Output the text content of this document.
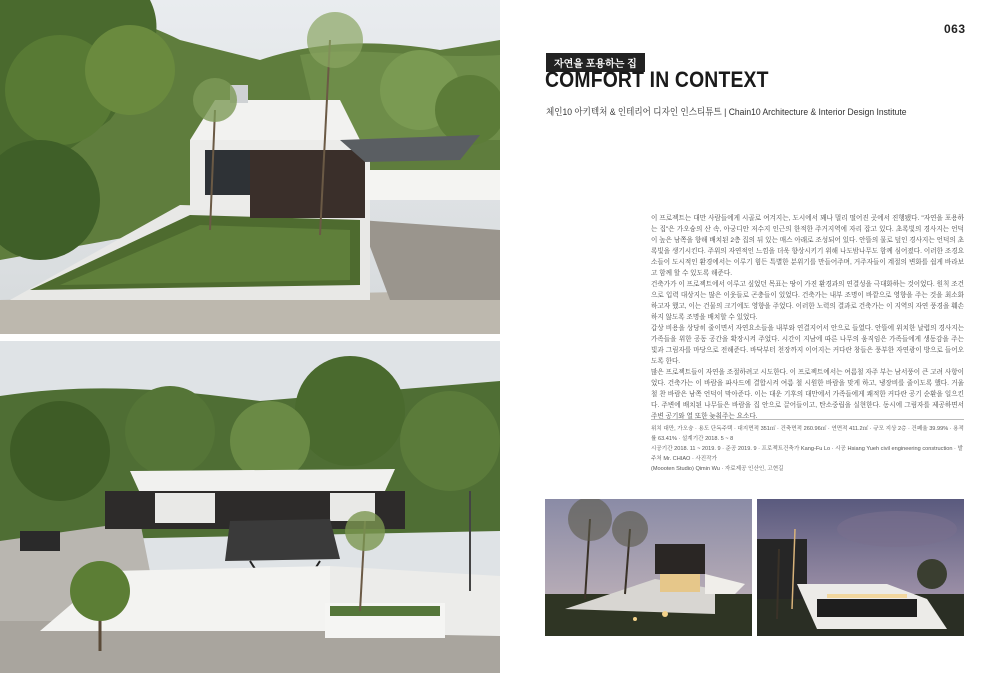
063
자연을 포용하는 집
COMFORT IN CONTEXT
체인10 아키텍처 & 인테리어 디자인 인스티튜트 | Chain10 Architecture & Interior Design Institute

이 프로젝트는 대만 사람들에게 시골로 여겨지는, 도시에서 꽤나 멀리 떨어진 곳에서 진행됐다. "자연을 포용하는 집"은 가오슝의 산 속, 아궁디안 저수지 인근의 한적한 주거지역에 자리 잡고 있다. 초록빛의 경사지는 언덕이 높은 남쪽을 향해 배치된 2층 집의 뒤 있는 매스 아래로 조성되어 있다. 안뜰의 물로 덮인 경사지는 언덕의 초록빛을 생기시킨다. 주위의 자연적인 느낌을 더욱 향상시키기 위해 나도밤나무도 함께 심어졌다. 이러한 조경요소들이 도시적인 환경에서는 이루기 힘든 특별한 분위기를 만들어주며, 거주자들이 계절의 변화를 쉽게 바라보고 함께 할 수 있도록 해준다.

건축가가 이 프로젝트에서 이루고 싶었던 목표는 땅이 가진 환경과의 연결성을 극대화하는 것이었다. 원칙 조건으로 입력 대상지는 많은 이웃들로 곤충들이 있었다. 건축가는 내부 조명이 바깥으로 영향을 주는 것을 최소화하고자 했고, 이는 건물의 크기에도 영향을 주었다. 이러한 노력의 결과로 건축가는 이 지역의 자연 풍경을 훼손하지 않도록 조명을 배치할 수 있었다.

갑상 비용을 상당히 줄이면서 자연요소들을 내부와 연결지어서 안으로 들였다. 안뜰에 위치한 날렵의 경사지는 가족들을 위한 공동 공간을 확장시켜 주었다. 시간이 지남에 따른 나무의 움직임은 가족들에게 생동감을 주는 빛과 그림자를 마당으로 전해준다. 바닥부터 천장까지 이어지는 커다란 창들은 풍부한 자연광이 방으로 들어오도록 한다.

많은 프로젝트들이 자연을 조절하려고 시도한다. 이 프로젝트에서는 여름철 자주 부는 남서풍이 큰 고려 사항이었다. 건축가는 이 바람을 파사드에 결합시켜 여름 철 시원한 바람을 맞게 하고, 냉장비를 줄이도록 했다. 거울철 찬 바람은 남쪽 언덕이 막아준다. 이는 대운 기후의 대만에서 가족들에게 쾌적한 커다란 공기 순환을 일으킨다. 주변에 배치된 나무들은 바람을 집 안으로 끌어들이고, 탄소중립을 실현한다. 동시에 그림자를 제공하면서 주변 공기와 열 또한 늦춰주는 요소다.

위치 대만, 가오슝 · 용도 단독주택 · 대지면적 351㎡ · 건축면적 260.96㎡ · 연면적 411.2㎡ · 규모 지상 2층 · 건폐율 39.99% · 용적률 63.41% · 설계기간 2018. 5 ~ 8
시공기간 2018. 11 ~ 2019. 9 · 준공 2019. 9 · 프로젝트건축가 Kang-Fu Lo · 시공 Hsiang Yueh civil engineering construction · 발주처 Mr. CHIAO · 사진작가
(Moooten Studio) Qimin Wu · 자료제공 인산인, 고현길
